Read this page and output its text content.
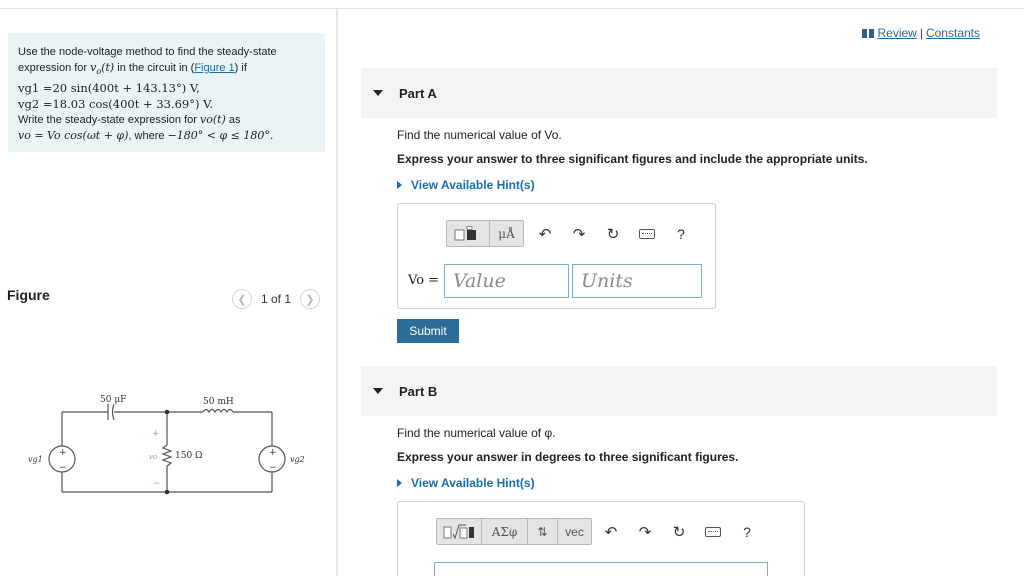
Use the node-voltage method to find the steady-state
expression for $v_o(t)$ in the circuit in (Figure 1) if
vg1 =20 sin(400t + 143.13°) V,
vg2 =18.03 cos(400t + 33.69°) V.
Write the steady-state expression for vo(t) as
vo = Vo cos(ωt + φ), where −180° < φ ≤ 180°.
Figure	❮	1 of 1	❯
50 μF	50 mH
150 Ω
vg1	vg2
vo
+
−
+
−
+
−
Review | Constants
Part A
Find the numerical value of Vo.
Express your answer to three significant figures and include the appropriate units.
View Available Hint(s)
μÅ	↶	↷	↻	?
Vo = Value	Units
Submit
Part B
Find the numerical value of φ.
Express your answer in degrees to three significant figures.
View Available Hint(s)
ΑΣφ	⇅	vec	↶	↷	↻	?
